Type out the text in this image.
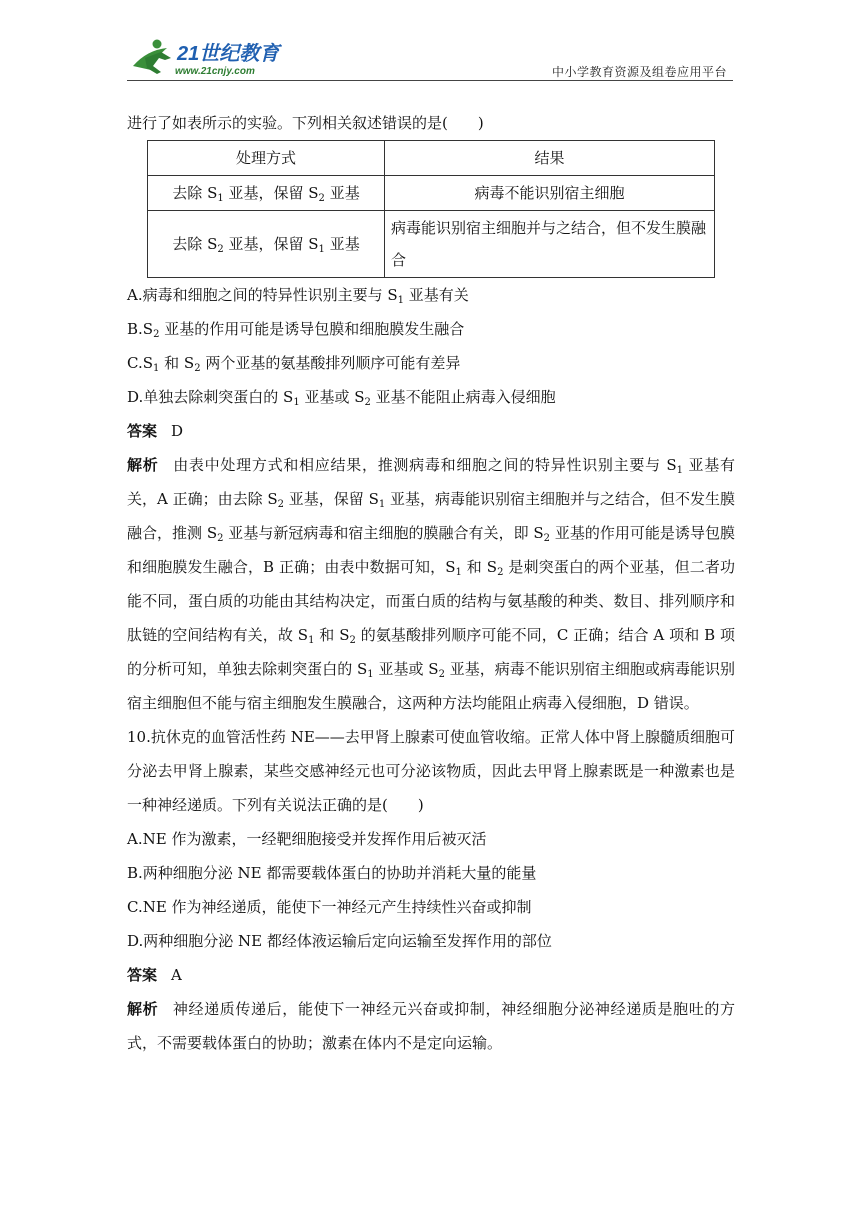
21世纪教育
www.21cnjy.com	中小学教育资源及组卷应用平台

进行了如表所示的实验。下列相关叙述错误的是(　　)

处理方式	结果
去除 $S_1$ 亚基，保留 $S_2$ 亚基	病毒不能识别宿主细胞
去除 $S_2$ 亚基，保留 $S_1$ 亚基	病毒能识别宿主细胞并与之结合，但不发生膜融合

A.病毒和细胞之间的特异性识别主要与 $S_1$ 亚基有关

$B.S_2$ 亚基的作用可能是诱导包膜和细胞膜发生融合

$C.S_1$ 和 $S_2$ 两个亚基的氨基酸排列顺序可能有差异

D.单独去除刺突蛋白的 $S_1$ 亚基或 $S_2$ 亚基不能阻止病毒入侵细胞

答案 D

解析 由表中处理方式和相应结果，推测病毒和细胞之间的特异性识别主要与 $S_1$ 亚基有关，A 正确；由去除 $S_2$ 亚基，保留 $S_1$ 亚基，病毒能识别宿主细胞并与之结合，但不发生膜融合，推测 $S_2$ 亚基与新冠病毒和宿主细胞的膜融合有关，即 $S_2$ 亚基的作用可能是诱导包膜和细胞膜发生融合，B 正确；由表中数据可知，$S_1$ 和 $S_2$ 是刺突蛋白的两个亚基，但二者功能不同，蛋白质的功能由其结构决定，而蛋白质的结构与氨基酸的种类、数目、排列顺序和肽链的空间结构有关，故 $S_1$ 和 $S_2$ 的氨基酸排列顺序可能不同，C 正确；结合 A 项和 B 项的分析可知，单独去除刺突蛋白的 $S_1$ 亚基或 $S_2$ 亚基，病毒不能识别宿主细胞或病毒能识别宿主细胞但不能与宿主细胞发生膜融合，这两种方法均能阻止病毒入侵细胞，D 错误。

10.抗休克的血管活性药 NE——去甲肾上腺素可使血管收缩。正常人体中肾上腺髓质细胞可分泌去甲肾上腺素，某些交感神经元也可分泌该物质，因此去甲肾上腺素既是一种激素也是一种神经递质。下列有关说法正确的是(　　)

A.NE 作为激素，一经靶细胞接受并发挥作用后被灭活

B.两种细胞分泌 NE 都需要载体蛋白的协助并消耗大量的能量

C.NE 作为神经递质，能使下一神经元产生持续性兴奋或抑制

D.两种细胞分泌 NE 都经体液运输后定向运输至发挥作用的部位

答案 A

解析 神经递质传递后，能使下一神经元兴奋或抑制，神经细胞分泌神经递质是胞吐的方式，不需要载体蛋白的协助；激素在体内不是定向运输。
